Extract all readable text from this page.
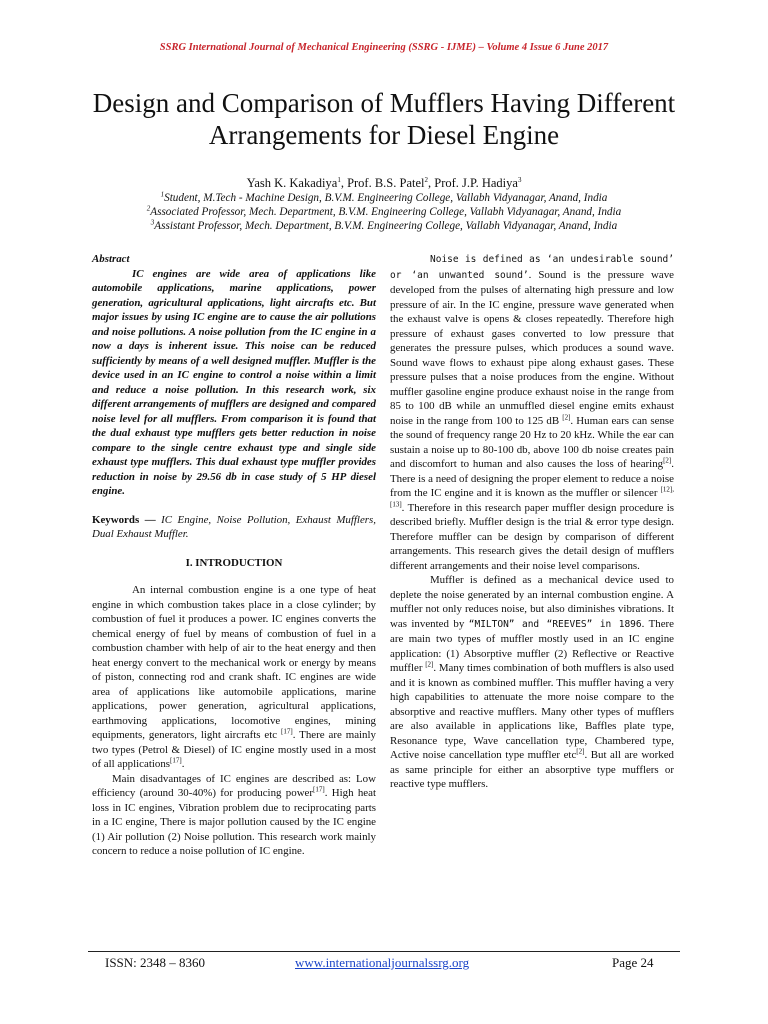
SSRG International Journal of Mechanical Engineering (SSRG - IJME) – Volume 4 Issue 6 June 2017
Design and Comparison of Mufflers Having Different Arrangements for Diesel Engine
Yash K. Kakadiya$^1$, Prof. B.S. Patel$^2$, Prof. J.P. Hadiya$^3$
$^1$Student, M.Tech - Machine Design, B.V.M. Engineering College, Vallabh Vidyanagar, Anand, India
$^2$Associated Professor, Mech. Department, B.V.M. Engineering College, Vallabh Vidyanagar, Anand, India
$^3$Assistant Professor, Mech. Department, B.V.M. Engineering College, Vallabh Vidyanagar, Anand, India

Abstract

IC engines are wide area of applications like automobile applications, marine applications, power generation, agricultural applications, light aircrafts etc. But major issues by using IC engine are to cause the air pollutions and noise pollutions. A noise pollution from the IC engine in a now a days is inherent issue. This noise can be reduced sufficiently by means of a well designed muffler. Muffler is the device used in an IC engine to control a noise within a limit and reduce a noise pollution. In this research work, six different arrangements of mufflers are designed and compared noise level for all mufflers. From comparison it is found that the dual exhaust type mufflers gets better reduction in noise compare to the single centre exhaust type and single side exhaust type mufflers. This dual exhaust type muffler provides reduction in noise by 29.56 db in case study of 5 HP diesel engine.

Keywords — IC Engine, Noise Pollution, Exhaust Mufflers, Dual Exhaust Muffler.

I. INTRODUCTION

An internal combustion engine is a one type of heat engine in which combustion takes place in a close cylinder; by combustion of fuel it produces a power. IC engines converts the chemical energy of fuel by means of combustion of fuel in a combustion chamber with help of air to the heat energy and then heat energy convert to the mechanical work or energy by means of piston, connecting rod and crank shaft. IC engines are wide area of applications like automobile applications, marine applications, power generation, agricultural applications, earthmoving applications, locomotive engines, mining equipments, generators, light aircrafts etc [17]. There are mainly two types (Petrol & Diesel) of IC engine mostly used in a most of all applications[17].

Main disadvantages of IC engines are described as: Low efficiency (around 30-40%) for producing power[17]. High heat loss in IC engines, Vibration problem due to reciprocating parts in a IC engine, There is major pollution caused by the IC engine (1) Air pollution (2) Noise pollution. This research work mainly concern to reduce a noise pollution of IC engine.

Noise is defined as ‘an undesirable sound’ or ‘an unwanted sound’. Sound is the pressure wave developed from the pulses of alternating high pressure and low pressure of air. In the IC engine, pressure wave generated when the exhaust valve is opens & closes repeatedly. Therefore high pressure of exhaust gases converted to low pressure that generates the pressure pulses, which produces a sound wave. Sound wave flows to exhaust pipe along exhaust gases. These pressure pulses that a noise produces from the engine. Without muffler gasoline engine produce exhaust noise in the range from 85 to 100 dB while an unmuffled diesel engine emits exhaust noise in the range from 100 to 125 dB [2]. Human ears can sense the sound of frequency range 20 Hz to 20 kHz. While the ear can sustain a noise up to 80-100 db, above 100 db noise creates pain and discomfort to human and also causes the loss of hearing[2]. There is a need of designing the proper element to reduce a noise from the IC engine and it is known as the muffler or silencer [12], [13]. Therefore in this research paper muffler design procedure is described briefly. Muffler design is the trial & error type design. Therefore muffler can be design by comparison of different arrangements. This research gives the detail design of mufflers different arrangements and their noise level comparisons.

Muffler is defined as a mechanical device used to deplete the noise generated by an internal combustion engine. A muffler not only reduces noise, but also diminishes vibrations. It was invented by “MILTON” and “REEVES” in 1896. There are main two types of muffler mostly used in an IC engine application: (1) Absorptive muffler (2) Reflective or Reactive muffler [2]. Many times combination of both mufflers is also used and it is known as combined muffler. This muffler having a very high capabilities to attenuate the more noise compare to the absorptive and reactive mufflers. Many other types of mufflers are also available in applications like, Baffles plate type, Resonance type, Wave cancellation type, Chambered type, Active noise cancellation type muffler etc[2]. But all are worked as same principle for either an absorptive type mufflers or reactive type mufflers.

ISSN: 2348 – 8360	www.internationaljournalssrg.org	Page 24
